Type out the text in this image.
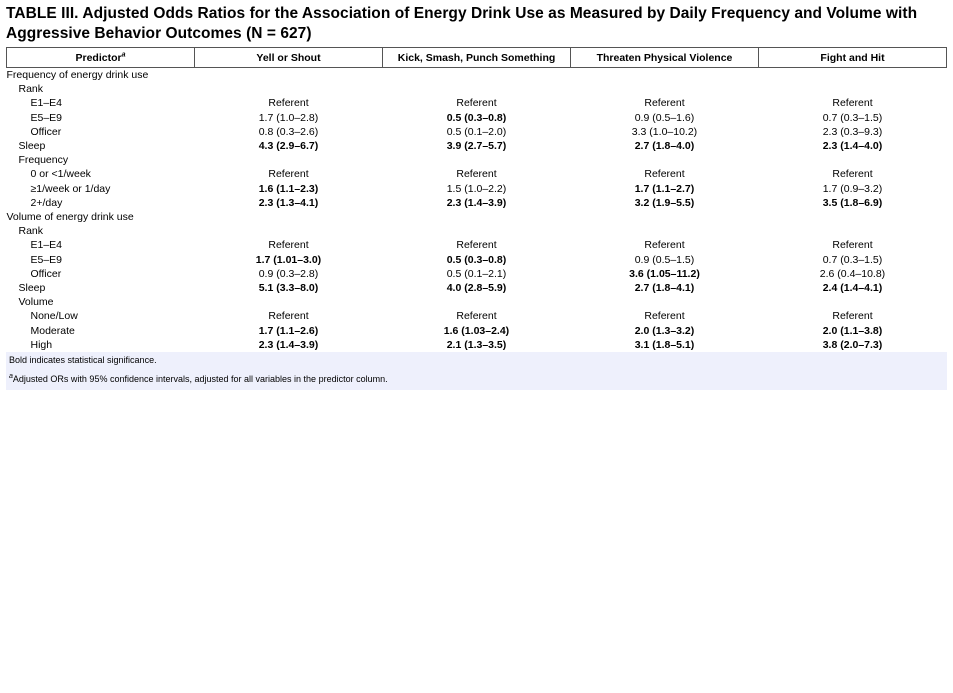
TABLE III. Adjusted Odds Ratios for the Association of Energy Drink Use as Measured by Daily Frequency and Volume with Aggressive Behavior Outcomes (N = 627)
Predictor$^a$	Yell or Shout	Kick, Smash, Punch Something	Threaten Physical Violence	Fight and Hit
Frequency of energy drink use				
Rank				
E1–E4	Referent	Referent	Referent	Referent
E5–E9	1.7 (1.0–2.8)	0.5 (0.3–0.8)	0.9 (0.5–1.6)	0.7 (0.3–1.5)
Officer	0.8 (0.3–2.6)	0.5 (0.1–2.0)	3.3 (1.0–10.2)	2.3 (0.3–9.3)
Sleep	4.3 (2.9–6.7)	3.9 (2.7–5.7)	2.7 (1.8–4.0)	2.3 (1.4–4.0)
Frequency				
0 or <1/week	Referent	Referent	Referent	Referent
≥1/week or 1/day	1.6 (1.1–2.3)	1.5 (1.0–2.2)	1.7 (1.1–2.7)	1.7 (0.9–3.2)
2+/day	2.3 (1.3–4.1)	2.3 (1.4–3.9)	3.2 (1.9–5.5)	3.5 (1.8–6.9)
Volume of energy drink use				
Rank				
E1–E4	Referent	Referent	Referent	Referent
E5–E9	1.7 (1.01–3.0)	0.5 (0.3–0.8)	0.9 (0.5–1.5)	0.7 (0.3–1.5)
Officer	0.9 (0.3–2.8)	0.5 (0.1–2.1)	3.6 (1.05–11.2)	2.6 (0.4–10.8)
Sleep	5.1 (3.3–8.0)	4.0 (2.8–5.9)	2.7 (1.8–4.1)	2.4 (1.4–4.1)
Volume				
None/Low	Referent	Referent	Referent	Referent
Moderate	1.7 (1.1–2.6)	1.6 (1.03–2.4)	2.0 (1.3–3.2)	2.0 (1.1–3.8)
High	2.3 (1.4–3.9)	2.1 (1.3–3.5)	3.1 (1.8–5.1)	3.8 (2.0–7.3)
Bold indicates statistical significance.
$^a$Adjusted ORs with 95% confidence intervals, adjusted for all variables in the predictor column.
